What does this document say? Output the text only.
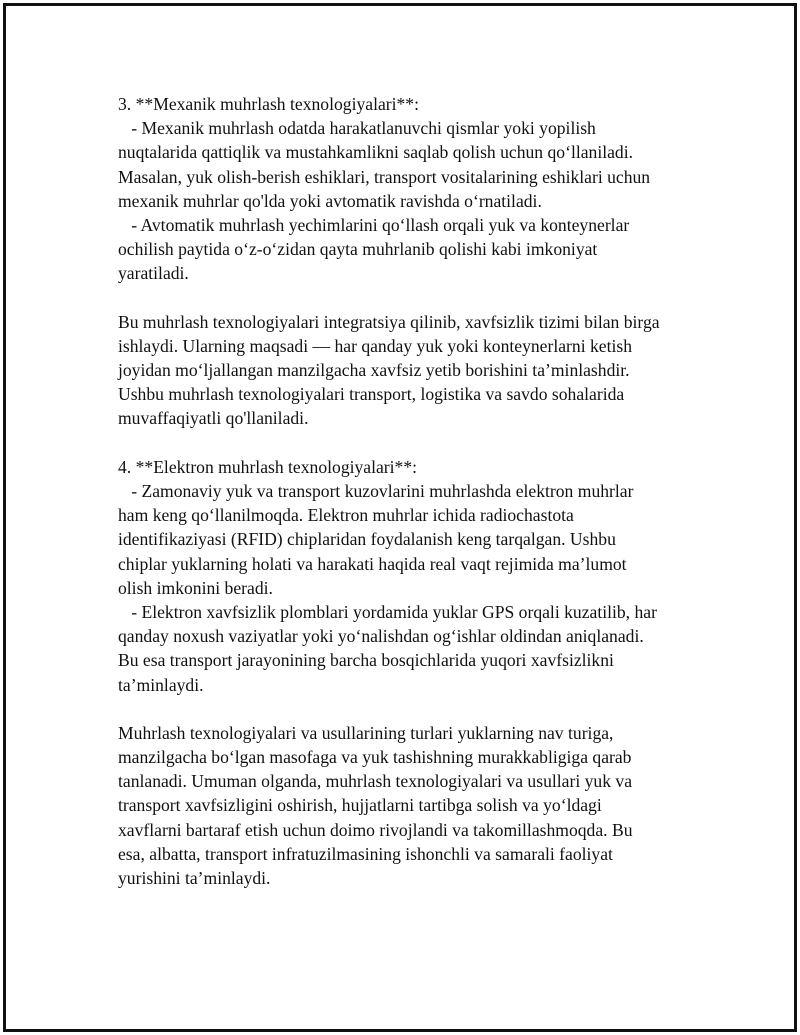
3. **Mexanik muhrlash texnologiyalari**:
- Mexanik muhrlash odatda harakatlanuvchi qismlar yoki yopilish
nuqtalarida qattiqlik va mustahkamlikni saqlab qolish uchun qo‘llaniladi.
Masalan, yuk olish-berish eshiklari, transport vositalarining eshiklari uchun
mexanik muhrlar qo'lda yoki avtomatik ravishda o‘rnatiladi.
- Avtomatik muhrlash yechimlarini qo‘llash orqali yuk va konteynerlar
ochilish paytida o‘z-o‘zidan qayta muhrlanib qolishi kabi imkoniyat
yaratiladi.
Bu muhrlash texnologiyalari integratsiya qilinib, xavfsizlik tizimi bilan birga
ishlaydi. Ularning maqsadi — har qanday yuk yoki konteynerlarni ketish
joyidan mo‘ljallangan manzilgacha xavfsiz yetib borishini ta’minlashdir.
Ushbu muhrlash texnologiyalari transport, logistika va savdo sohalarida
muvaffaqiyatli qo'llaniladi.
4. **Elektron muhrlash texnologiyalari**:
- Zamonaviy yuk va transport kuzovlarini muhrlashda elektron muhrlar
ham keng qo‘llanilmoqda. Elektron muhrlar ichida radiochastota
identifikaziyasi (RFID) chiplaridan foydalanish keng tarqalgan. Ushbu
chiplar yuklarning holati va harakati haqida real vaqt rejimida ma’lumot
olish imkonini beradi.
- Elektron xavfsizlik plomblari yordamida yuklar GPS orqali kuzatilib, har
qanday noxush vaziyatlar yoki yo‘nalishdan og‘ishlar oldindan aniqlanadi.
Bu esa transport jarayonining barcha bosqichlarida yuqori xavfsizlikni
ta’minlaydi.
Muhrlash texnologiyalari va usullarining turlari yuklarning nav turiga,
manzilgacha bo‘lgan masofaga va yuk tashishning murakkabligiga qarab
tanlanadi. Umuman olganda, muhrlash texnologiyalari va usullari yuk va
transport xavfsizligini oshirish, hujjatlarni tartibga solish va yo‘ldagi
xavflarni bartaraf etish uchun doimo rivojlandi va takomillashmoqda. Bu
esa, albatta, transport infratuzilmasining ishonchli va samarali faoliyat
yurishini ta’minlaydi.
